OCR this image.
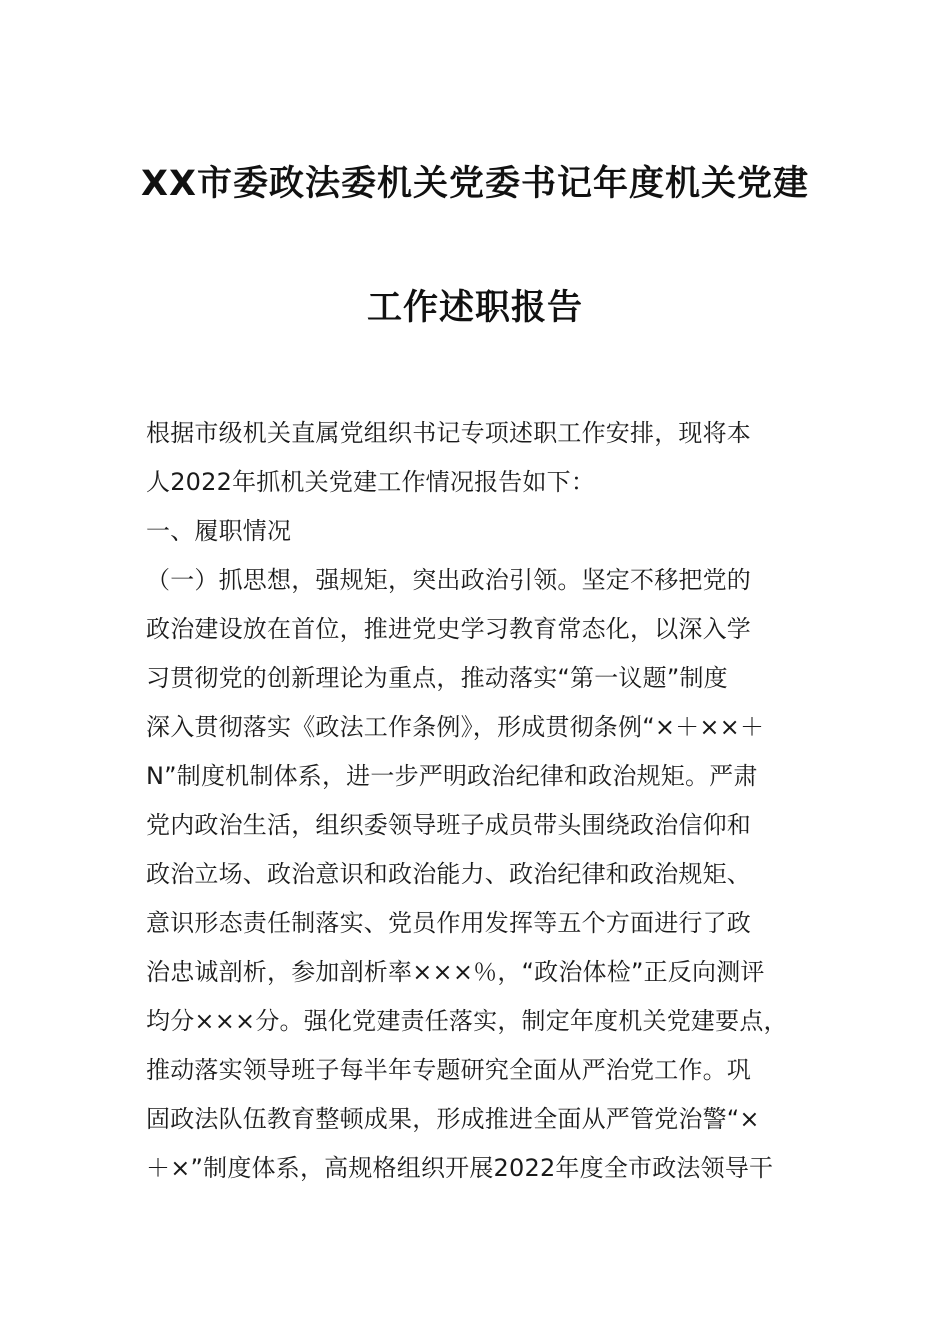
XX市委政法委机关党委书记年度机关党建
工作述职报告
根据市级机关直属党组织书记专项述职工作安排，现将本
人2022年抓机关党建工作情况报告如下：
一、履职情况
（一）抓思想，强规矩，突出政治引领。坚定不移把党的
政治建设放在首位，推进党史学习教育常态化，以深入学
习贯彻党的创新理论为重点，推动落实“第一议题”制度
深入贯彻落实《政法工作条例》，形成贯彻条例“×＋××＋
N”制度机制体系，进一步严明政治纪律和政治规矩。严肃
党内政治生活，组织委领导班子成员带头围绕政治信仰和
政治立场、政治意识和政治能力、政治纪律和政治规矩、
意识形态责任制落实、党员作用发挥等五个方面进行了政
治忠诚剖析，参加剖析率×××％，“政治体检”正反向测评
均分×××分。强化党建责任落实，制定年度机关党建要点，
推动落实领导班子每半年专题研究全面从严治党工作。巩
固政法队伍教育整顿成果，形成推进全面从严管党治警“×
＋×”制度体系，高规格组织开展2022年度全市政法领导干
